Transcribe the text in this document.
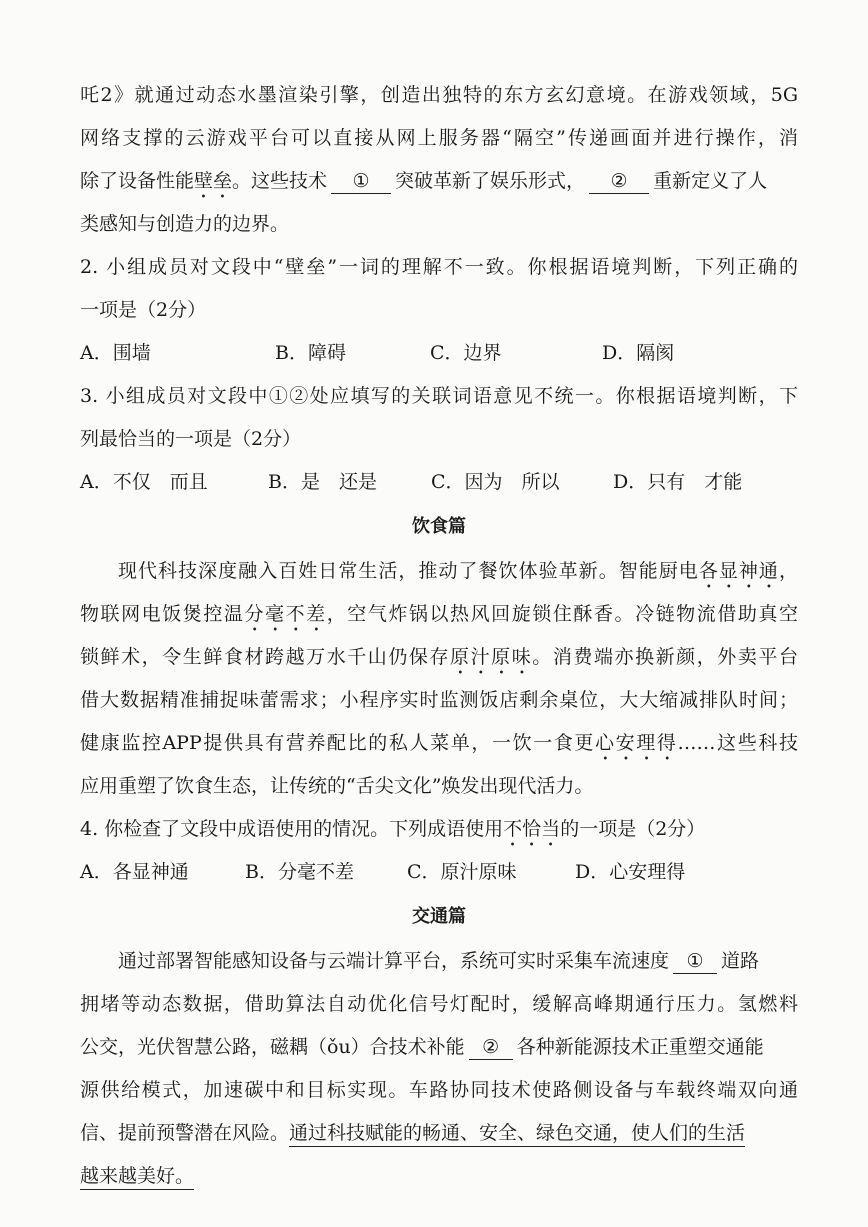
吒2》就通过动态水墨渲染引擎，创造出独特的东方玄幻意境。在游戏领域，5G
网络支撑的云游戏平台可以直接从网上服务器“隔空”传递画面并进行操作，消
除了设备性能壁垒。这些技术 ① 突破革新了娱乐形式， ② 重新定义了人
类感知与创造力的边界。
2. 小组成员对文段中“壁垒”一词的理解不一致。你根据语境判断，下列正确的
一项是（2分）
A．围墙	B．障碍	C．边界	D．隔阂
3. 小组成员对文段中①②处应填写的关联词语意见不统一。你根据语境判断，下
列最恰当的一项是（2分）
A．不仅　而且	B．是　还是	C．因为　所以	D．只有　才能
饮食篇
现代科技深度融入百姓日常生活，推动了餐饮体验革新。智能厨电各显神通，
物联网电饭煲控温分毫不差，空气炸锅以热风回旋锁住酥香。冷链物流借助真空
锁鲜术，令生鲜食材跨越万水千山仍保存原汁原味。消费端亦换新颜，外卖平台
借大数据精准捕捉味蕾需求；小程序实时监测饭店剩余桌位，大大缩减排队时间；
健康监控APP提供具有营养配比的私人菜单，一饮一食更心安理得……这些科技
应用重塑了饮食生态，让传统的“舌尖文化”焕发出现代活力。
4. 你检查了文段中成语使用的情况。下列成语使用不恰当的一项是（2分）
A．各显神通	B．分毫不差	C．原汁原味	D．心安理得
交通篇
通过部署智能感知设备与云端计算平台，系统可实时采集车流速度 ① 道路
拥堵等动态数据，借助算法自动优化信号灯配时，缓解高峰期通行压力。氢燃料
公交，光伏智慧公路，磁耦（ǒu）合技术补能 ② 各种新能源技术正重塑交通能
源供给模式，加速碳中和目标实现。车路协同技术使路侧设备与车载终端双向通
信、提前预警潜在风险。通过科技赋能的畅通、安全、绿色交通，使人们的生活
越来越美好。
